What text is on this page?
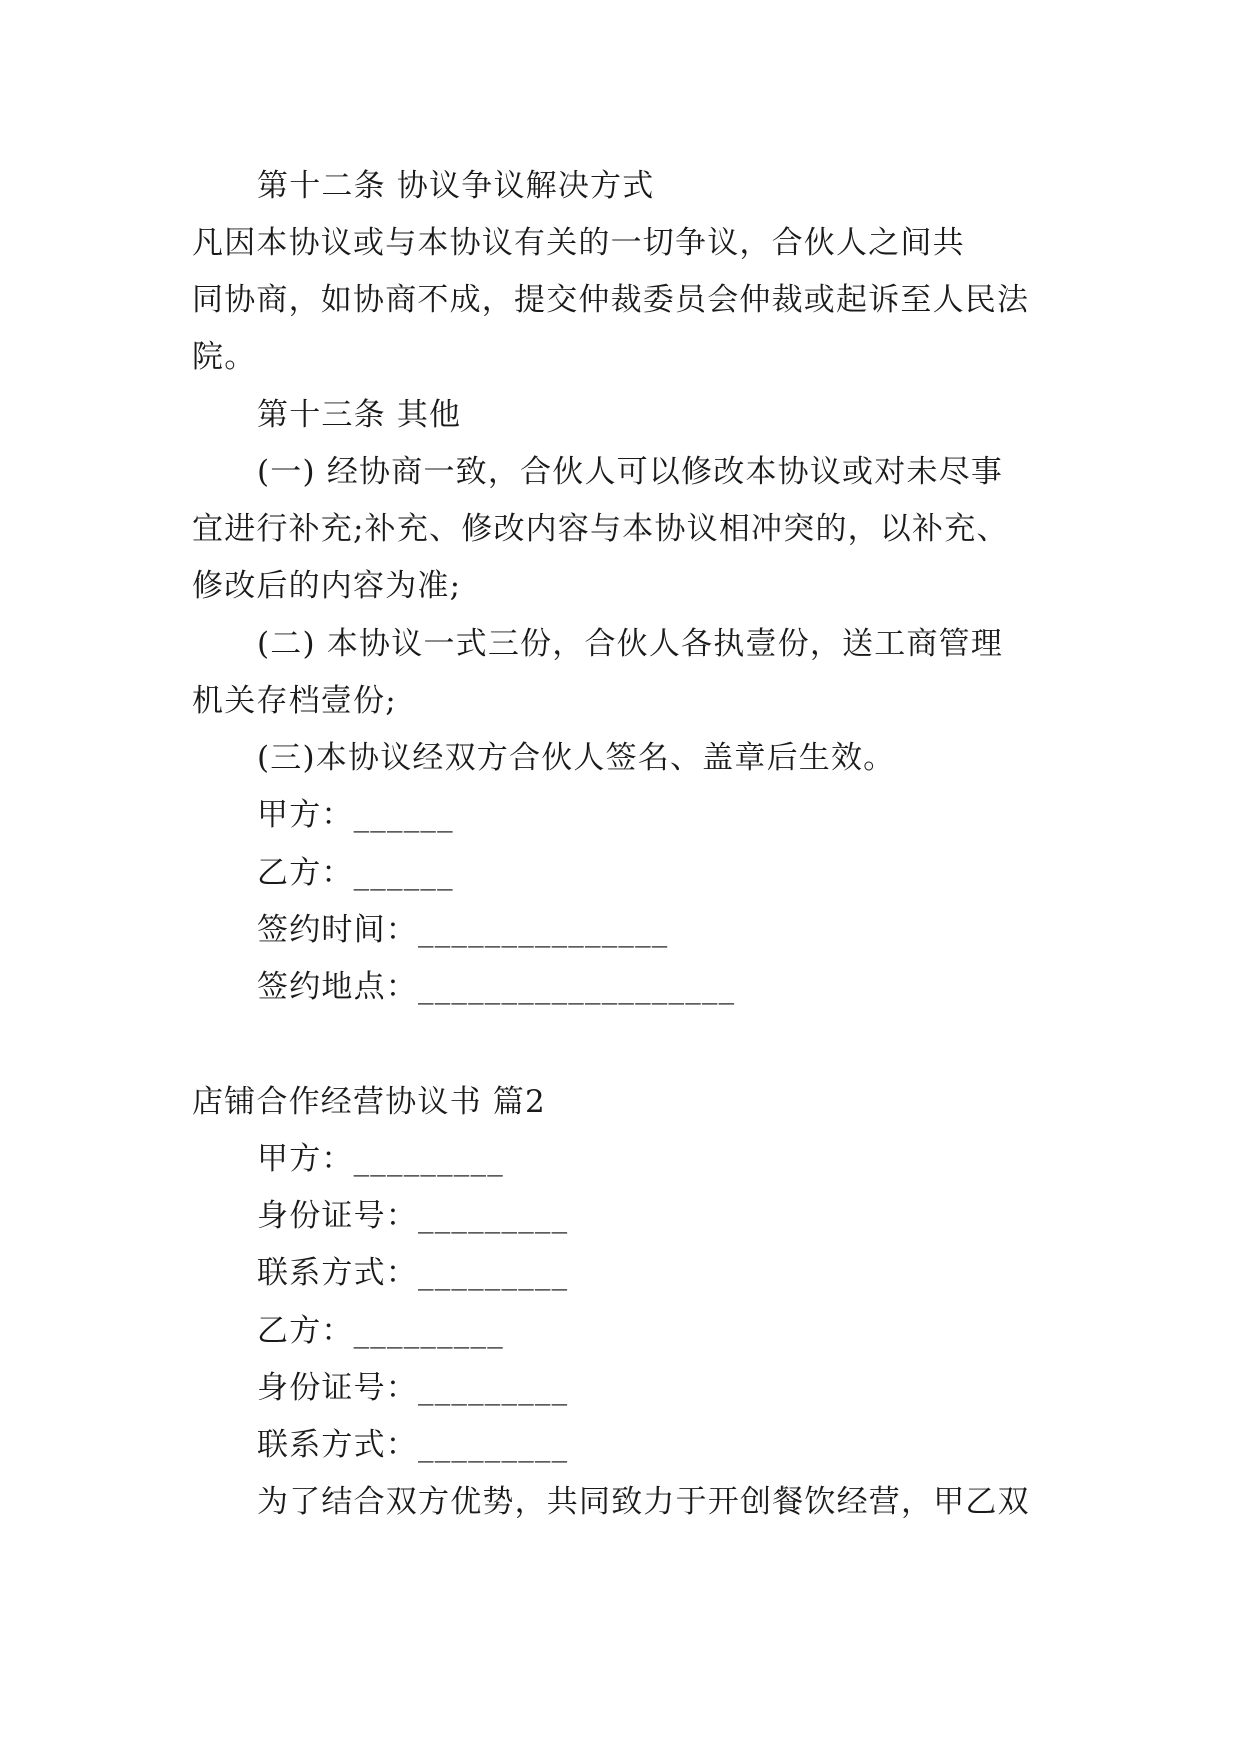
第十二条 协议争议解决方式
凡因本协议或与本协议有关的一切争议，合伙人之间共
同协商，如协商不成，提交仲裁委员会仲裁或起诉至人民法
院。
第十三条 其他
(一) 经协商一致，合伙人可以修改本协议或对未尽事
宜进行补充;补充、修改内容与本协议相冲突的，以补充、
修改后的内容为准;
(二) 本协议一式三份，合伙人各执壹份，送工商管理
机关存档壹份;
(三)本协议经双方合伙人签名、盖章后生效。
甲方：______
乙方：______
签约时间：_______________
签约地点：___________________
店铺合作经营协议书 篇2
甲方：_________
身份证号：_________
联系方式：_________
乙方：_________
身份证号：_________
联系方式：_________
为了结合双方优势，共同致力于开创餐饮经营，甲乙双
